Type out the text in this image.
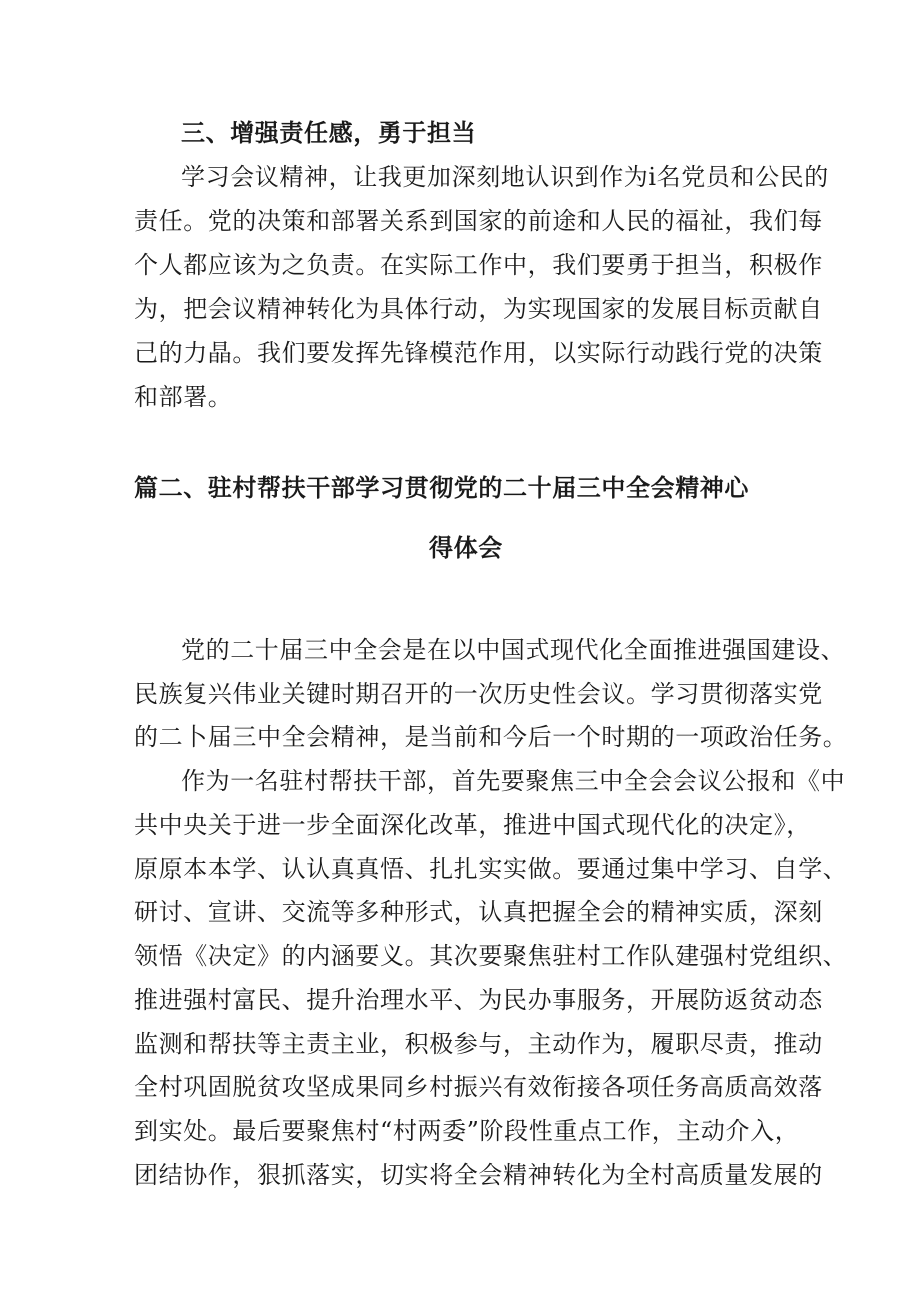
三、增强责任感，勇于担当
学习会议精神，让我更加深刻地认识到作为i名党员和公民的
责任。党的决策和部署关系到国家的前途和人民的福祉，我们每
个人都应该为之负责。在实际工作中，我们要勇于担当，积极作
为，把会议精神转化为具体行动，为实现国家的发展目标贡献自
己的力晶。我们要发挥先锋模范作用，以实际行动践行党的决策
和部署。
篇二、驻村帮扶干部学习贯彻党的二十届三中全会精神心
得体会
党的二十届三中全会是在以中国式现代化全面推进强国建设、
民族复兴伟业关键时期召开的一次历史性会议。学习贯彻落实党
的二卜届三中全会精神，是当前和今后一个时期的一项政治任务。
作为一名驻村帮扶干部，首先要聚焦三中全会会议公报和《中
共中央关于进一步全面深化改革，推进中国式现代化的决定》，
原原本本学、认认真真悟、扎扎实实做。要通过集中学习、自学、
研讨、宣讲、交流等多种形式，认真把握全会的精神实质，深刻
领悟《决定》的内涵要义。其次要聚焦驻村工作队建强村党组织、
推进强村富民、提升治理水平、为民办事服务，开展防返贫动态
监测和帮扶等主责主业，积极参与，主动作为，履职尽责，推动
全村巩固脱贫攻坚成果同乡村振兴有效衔接各项任务高质高效落
到实处。最后要聚焦村“村两委”阶段性重点工作，主动介入，
团结协作，狠抓落实，切实将全会精神转化为全村高质量发展的
